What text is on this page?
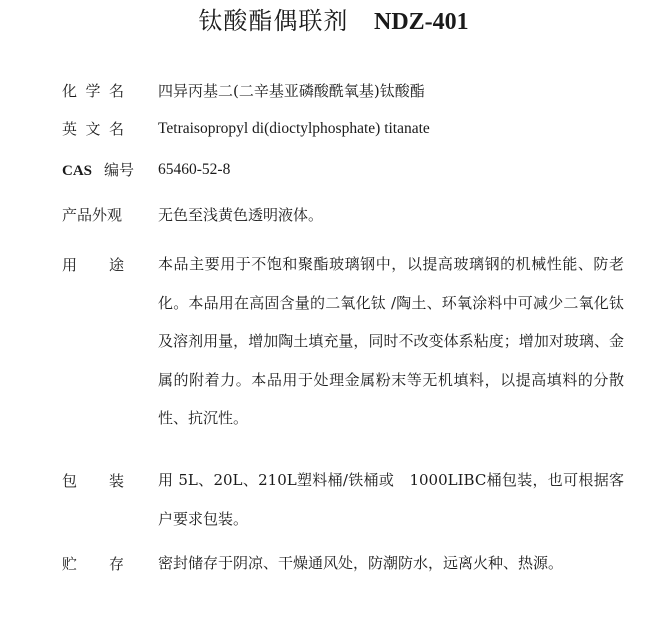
钛酸酯偶联剂 NDZ-401
化 学 名 四异丙基二(二辛基亚磷酸酰氧基)钛酸酯
英 文 名 Tetraisopropyl di(dioctylphosphate) titanate
CAS 编号 65460-52-8
产品外观 无色至浅黄色透明液体。
用 途 本品主要用于不饱和聚酯玻璃钢中，以提高玻璃钢的机械性能、防老化。本品用在高固含量的二氧化钛 /陶土、环氧涂料中可减少二氧化钛及溶剂用量，增加陶土填充量，同时不改变体系粘度；增加对玻璃、金属的附着力。本品用于处理金属粉末等无机填料，以提高填料的分散性、抗沉性。
包 装 用 5L、20L、210L塑料桶/铁桶或　1000LIBC桶包装，也可根据客户要求包装。
贮 存 密封储存于阴凉、干燥通风处，防潮防水，远离火种、热源。
